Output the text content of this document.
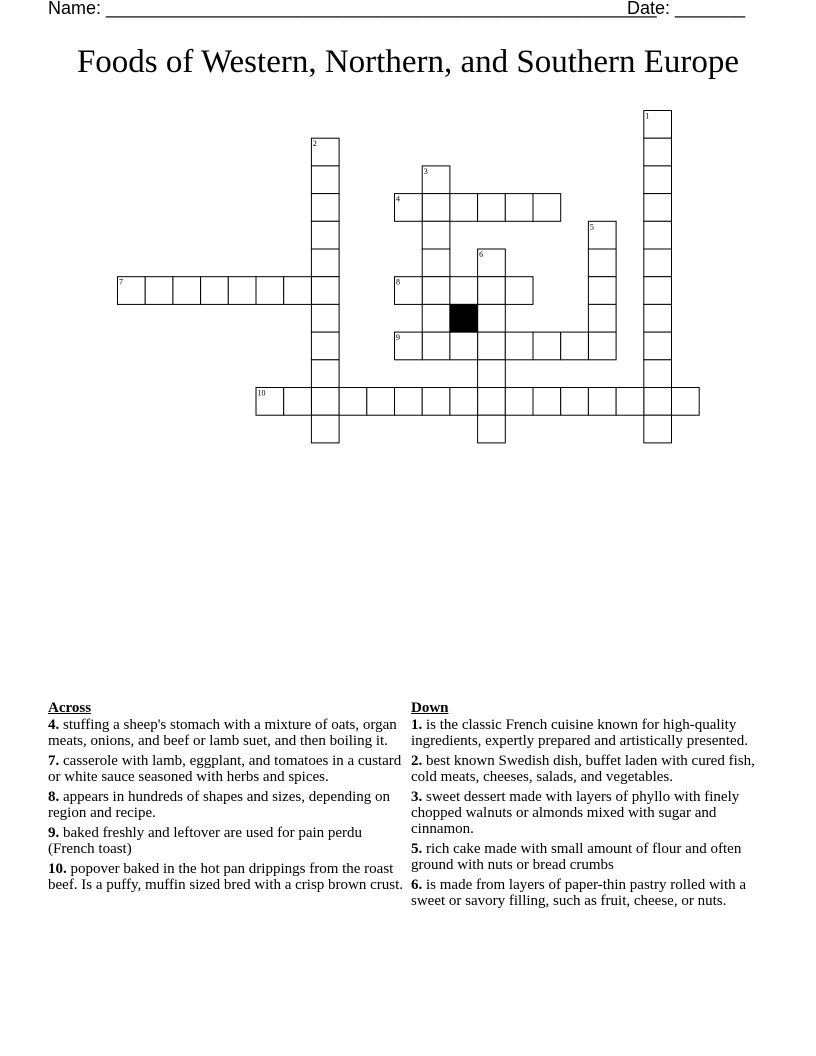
Name: _______________________________________________________

Date: _______

Foods of Western, Northern, and Southern Europe
1
2
3
4
5
6
7	8
9
10
Across
4. stuffing a sheep's stomach with a mixture of oats, organ meats, onions, and beef or lamb suet, and then boiling it.
7. casserole with lamb, eggplant, and tomatoes in a custard or white sauce seasoned with herbs and spices.
8. appears in hundreds of shapes and sizes, depending on region and recipe.
9. baked freshly and leftover are used for pain perdu (French toast)
10. popover baked in the hot pan drippings from the roast beef. Is a puffy, muffin sized bred with a crisp brown crust.
Down
1. is the classic French cuisine known for high-quality ingredients, expertly prepared and artistically presented.
2. best known Swedish dish, buffet laden with cured fish, cold meats, cheeses, salads, and vegetables.
3. sweet dessert made with layers of phyllo with finely chopped walnuts or almonds mixed with sugar and cinnamon.
5. rich cake made with small amount of flour and often ground with nuts or bread crumbs
6. is made from layers of paper-thin pastry rolled with a sweet or savory filling, such as fruit, cheese, or nuts.
